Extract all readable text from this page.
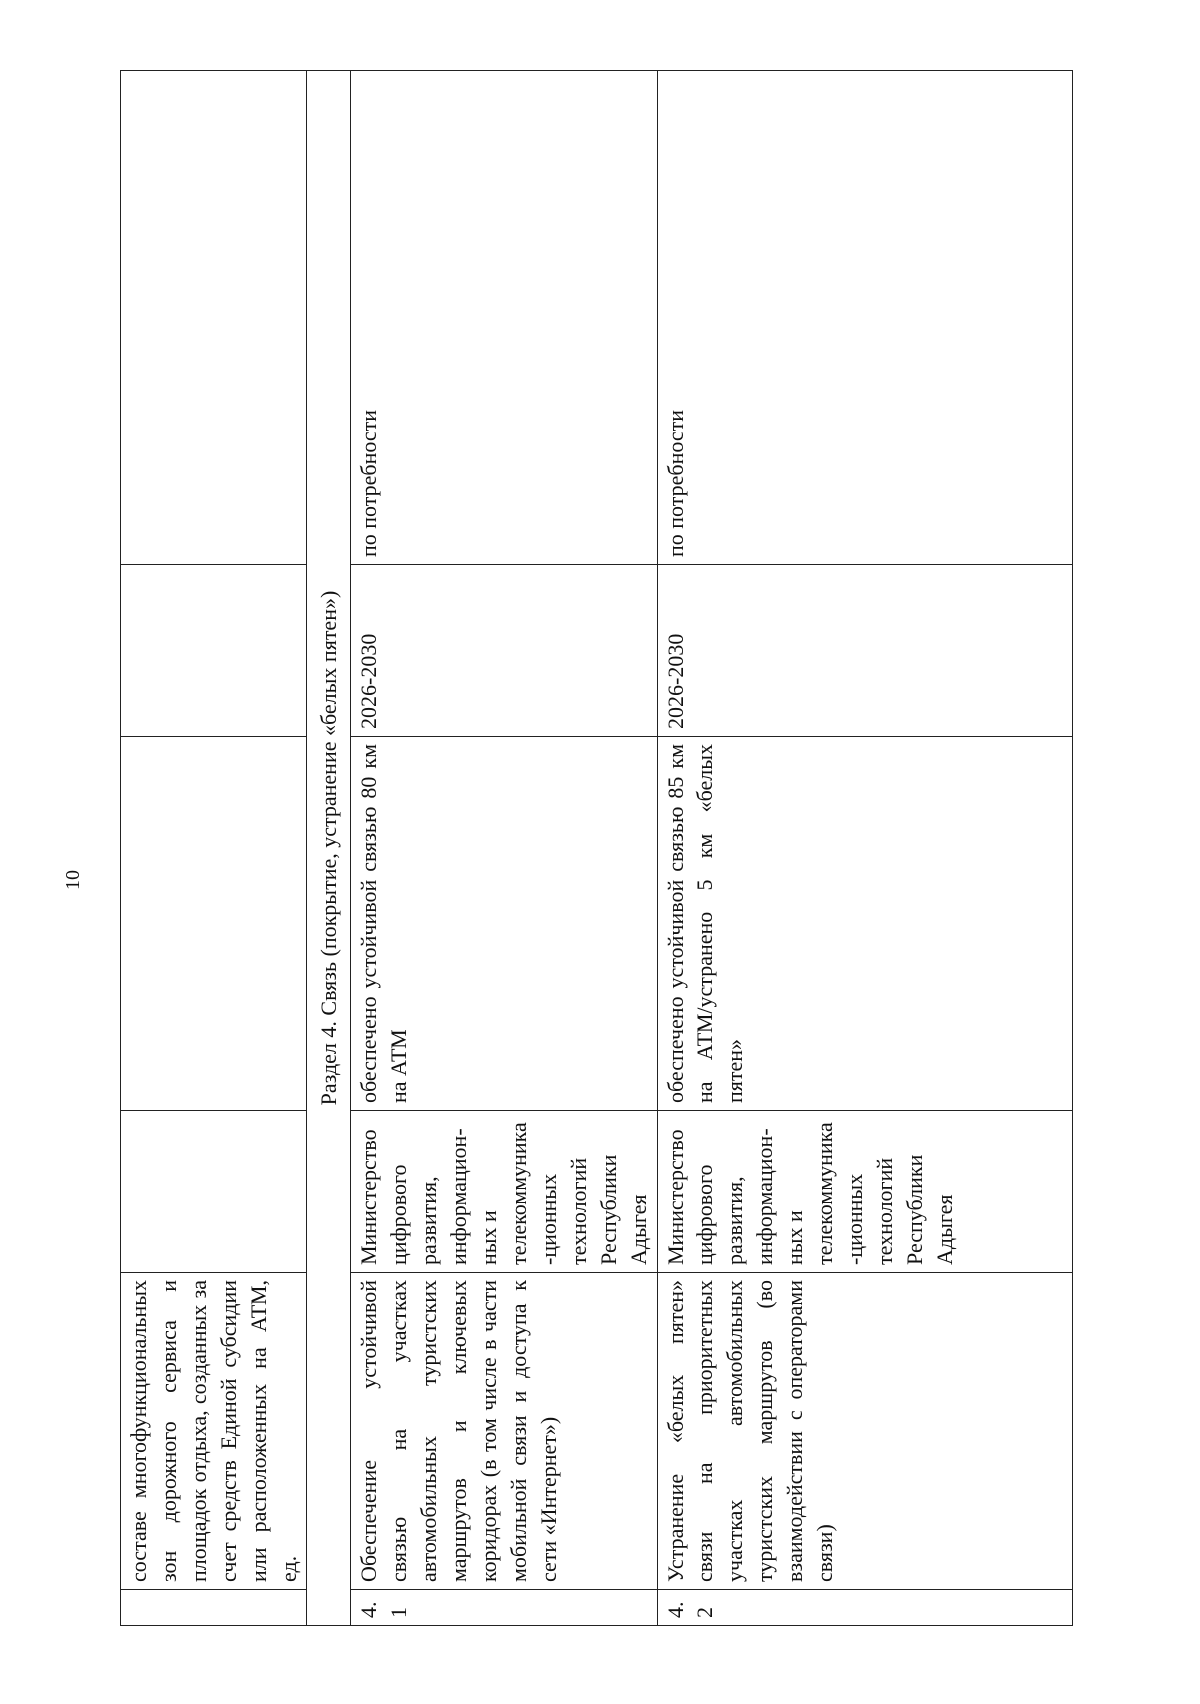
10
	составе многофункциональных зон дорожного сервиса и площадок отдыха, созданных за счет средств Единой субсидии или расположенных на АТМ, ед.				
Раздел 4. Связь (покрытие, устранение «белых пятен»)					
4.1	Обеспечение устойчивой связью на участках автомобильных туристских маршрутов и ключевых коридорах (в том числе в части мобильной связи и доступа к сети «Интернет»)	Министерство цифрового развития, информацион-ных и телекоммуника-ционных технологий Республики Адыгея	обеспечено устойчивой связью 80 км на АТМ	2026-2030	по потребности
4.2	Устранение «белых пятен» связи на приоритетных участках автомобильных туристских маршрутов (во взаимодействии с операторами связи)	Министерство цифрового развития, информацион-ных и телекоммуника-ционных технологий Республики Адыгея	обеспечено устойчивой связью 85 км на АТМ/устранено 5 км «белых пятен»	2026-2030	по потребности
